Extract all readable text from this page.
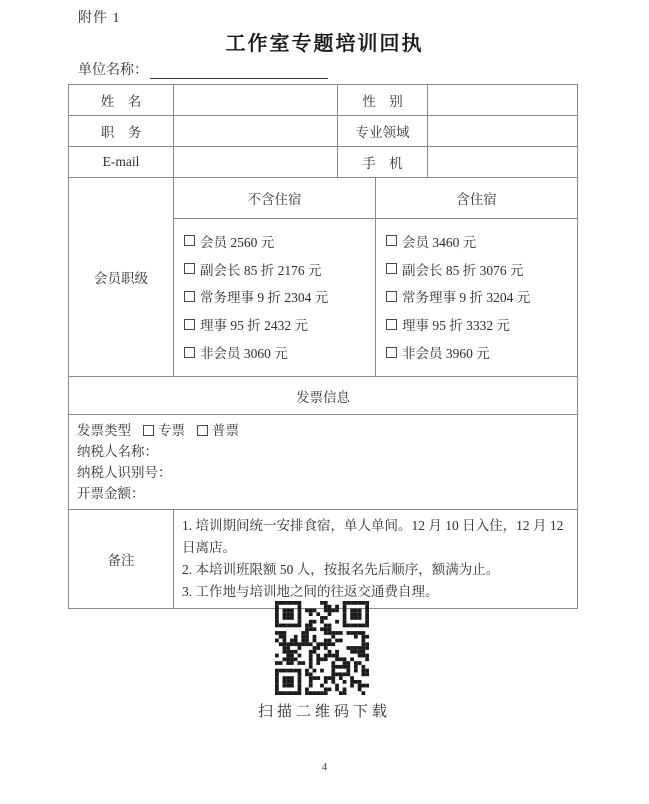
附件 1
工作室专题培训回执
单位名称：
姓　名		性　别		
职　务		专业领域		
E-mail		手　机		
会员职级	不含住宿		含住宿	

会员 2560 元
副会长 85 折 2176 元
常务理事 9 折 2304 元
理事 95 折 2432 元
非会员 3060 元

会员 3460 元
副会长 85 折 3076 元
常务理事 9 折 3204 元
理事 95 折 3332 元
非会员 3960 元

发票信息				

发票类型 专票 普票
纳税人名称：
纳税人识别号：
开票金额：

备注	1. 培训期间统一安排食宿，单人单间。12 月 10 日入住，12 月 12 日离店。
2. 本培训班限额 50 人，按报名先后顺序，额满为止。
3. 工作地与培训地之间的往返交通费自理。			
扫描二维码下载
4
